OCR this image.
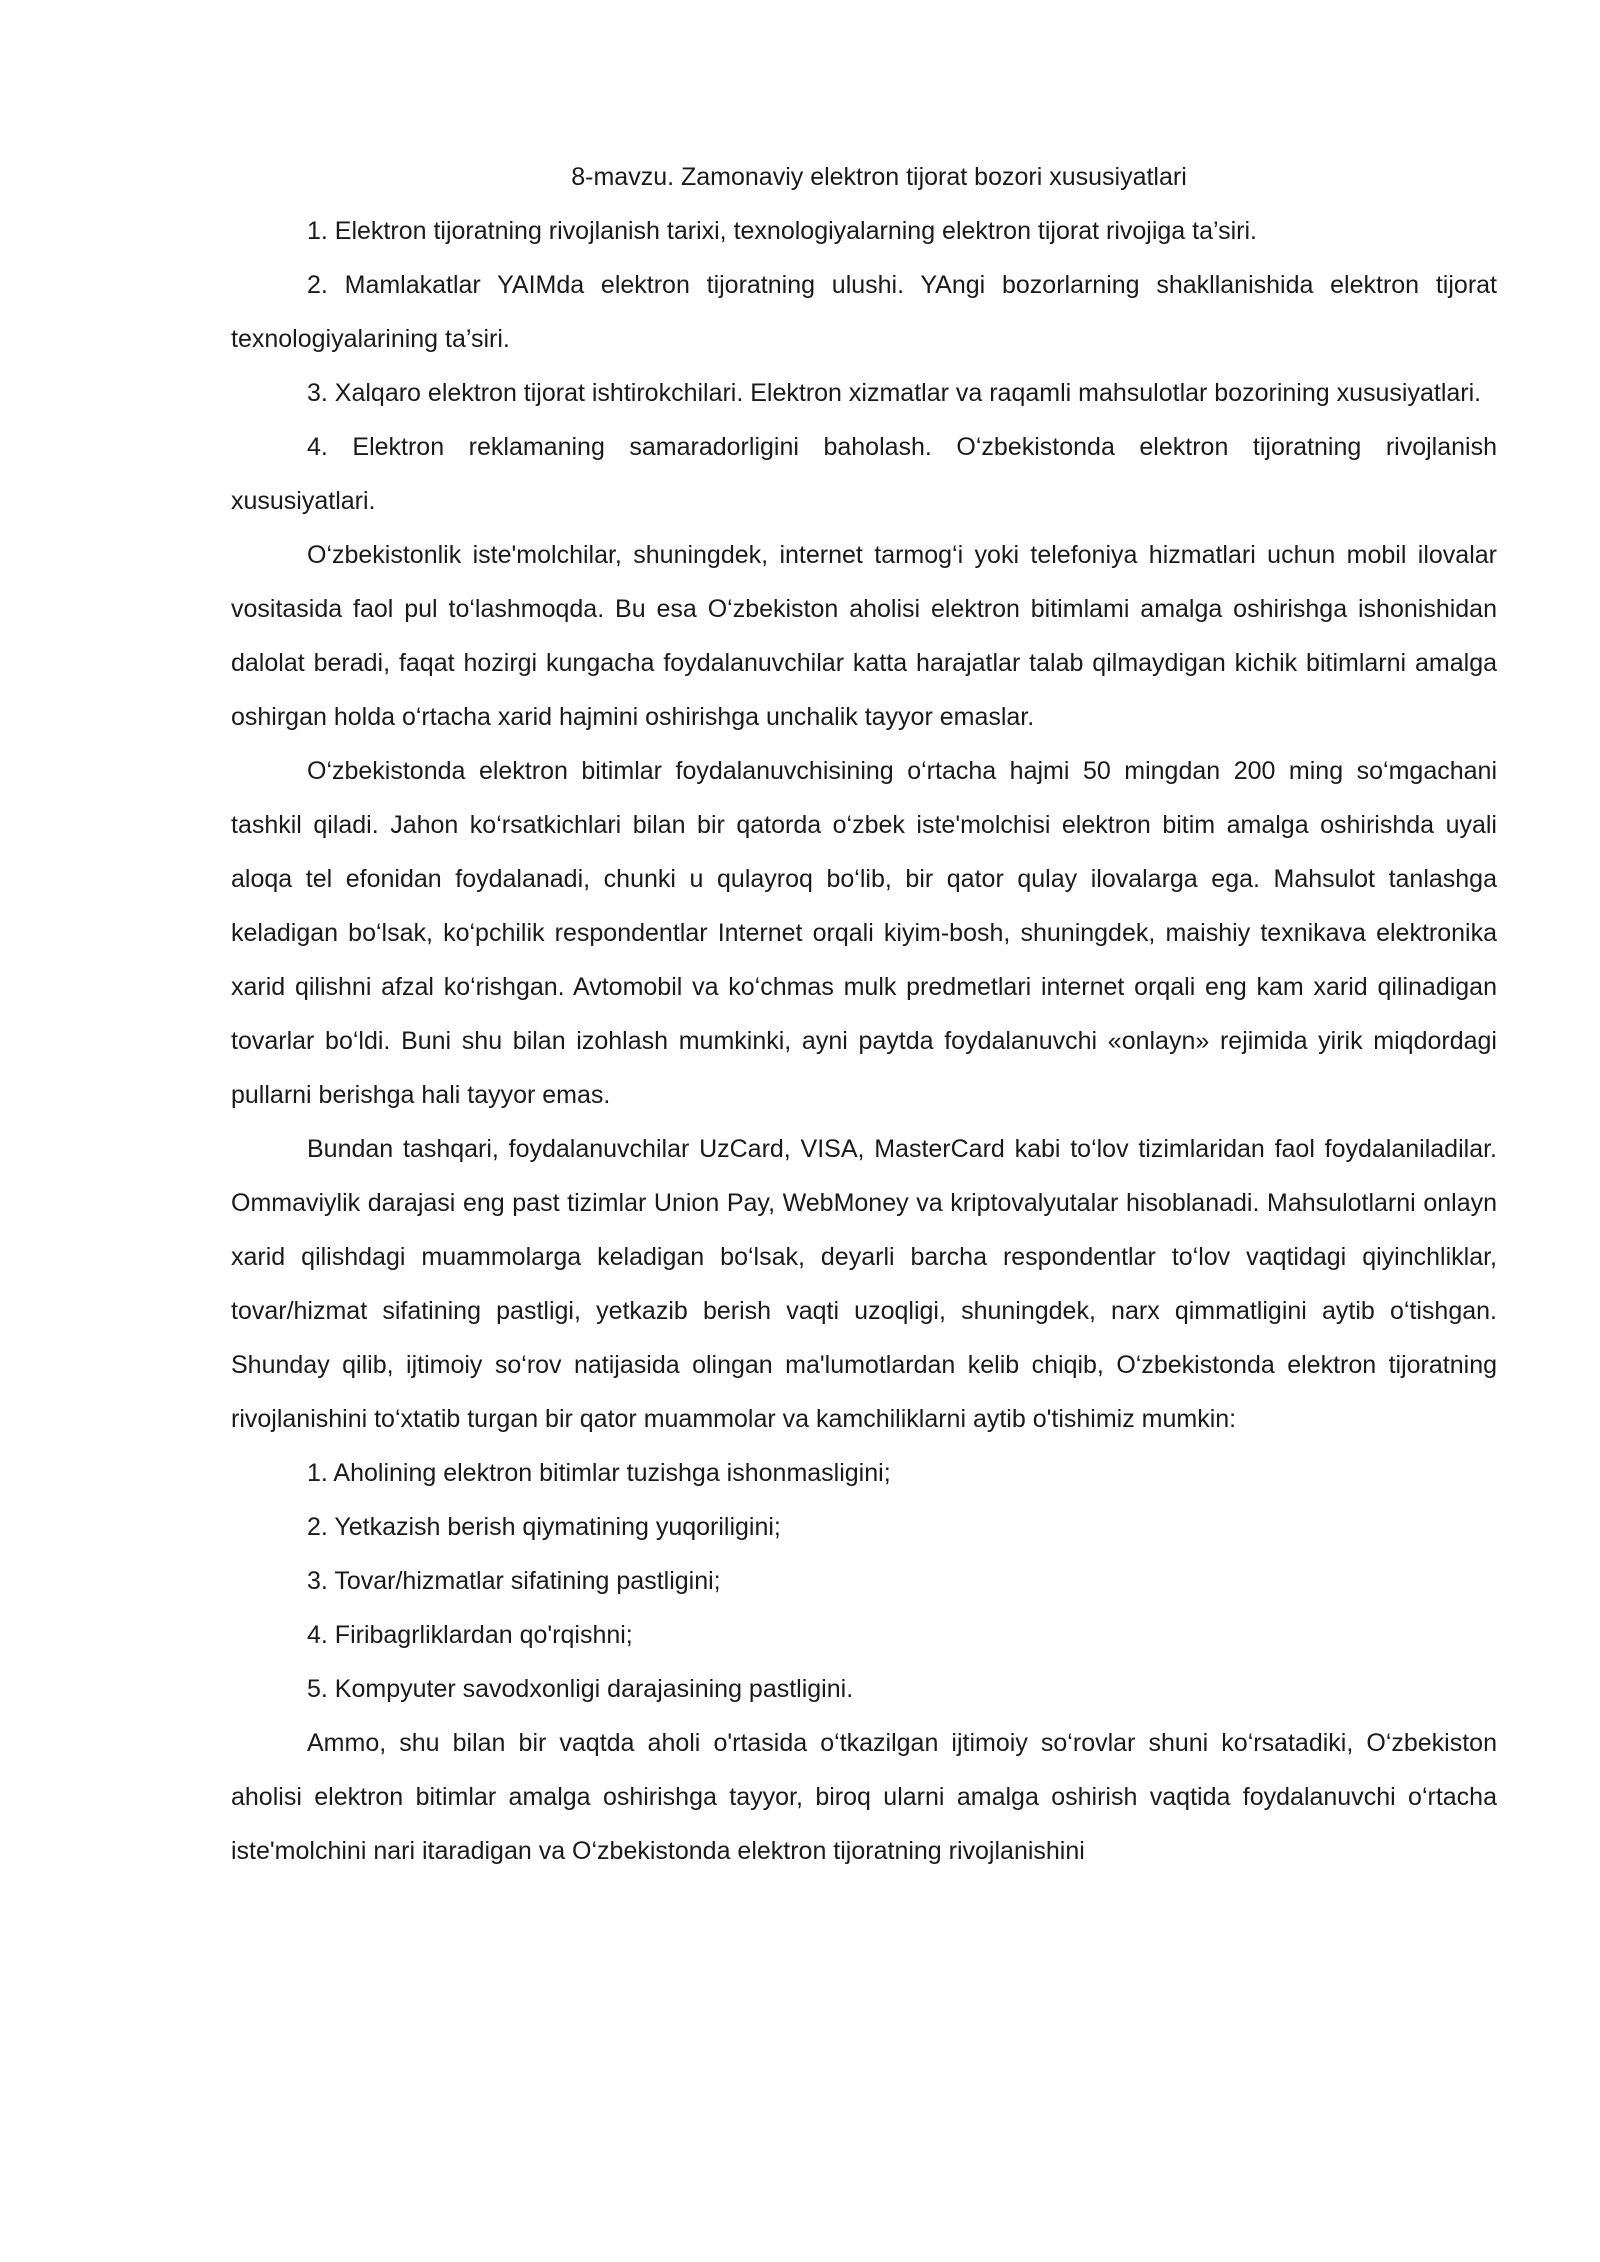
8-mavzu. Zamonaviy elektron tijorat bozori xususiyatlari

1. Elektron tijoratning rivojlanish tarixi, texnologiyalarning elektron tijorat rivojiga ta’siri.

2. Mamlakatlar YAIMda elektron tijoratning ulushi. YAngi bozorlarning shakllanishida elektron tijorat texnologiyalarining ta’siri.

3. Xalqaro elektron tijorat ishtirokchilari. Elektron xizmatlar va raqamli mahsulotlar bozorining xususiyatlari.

4. Elektron reklamaning samaradorligini baholash. O‘zbekistonda elektron tijoratning rivojlanish xususiyatlari.

O‘zbekistonlik iste'molchilar, shuningdek, internet tarmog‘i yoki telefoniya hizmatlari uchun mobil ilovalar vositasida faol pul to‘lashmoqda. Bu esa O‘zbekiston aholisi elektron bitimlami amalga oshirishga ishonishidan dalolat beradi, faqat hozirgi kungacha foydalanuvchilar katta harajatlar talab qilmaydigan kichik bitimlarni amalga oshirgan holda o‘rtacha xarid hajmini oshirishga unchalik tayyor emaslar.

O‘zbekistonda elektron bitimlar foydalanuvchisining o‘rtacha hajmi 50 mingdan 200 ming so‘mgachani tashkil qiladi. Jahon ko‘rsatkichlari bilan bir qatorda o‘zbek iste'molchisi elektron bitim amalga oshirishda uyali aloqa tel efonidan foydalanadi, chunki u qulayroq bo‘lib, bir qator qulay ilovalarga ega. Mahsulot tanlashga keladigan bo‘lsak, ko‘pchilik respondentlar Internet orqali kiyim-bosh, shuningdek, maishiy texnikava elektronika xarid qilishni afzal ko‘rishgan. Avtomobil va ko‘chmas mulk predmetlari internet orqali eng kam xarid qilinadigan tovarlar bo‘ldi. Buni shu bilan izohlash mumkinki, ayni paytda foydalanuvchi «onlayn» rejimida yirik miqdordagi pullarni berishga hali tayyor emas.

Bundan tashqari, foydalanuvchilar UzCard, VISA, MasterCard kabi to‘lov tizimlaridan faol foydalaniladilar. Ommaviylik darajasi eng past tizimlar Union Pay, WebMoney va kriptovalyutalar hisoblanadi. Mahsulotlarni onlayn xarid qilishdagi muammolarga keladigan bo‘lsak, deyarli barcha respondentlar to‘lov vaqtidagi qiyinchliklar, tovar/hizmat sifatining pastligi, yetkazib berish vaqti uzoqligi, shuningdek, narx qimmatligini aytib o‘tishgan. Shunday qilib, ijtimoiy so‘rov natijasida olingan ma'lumotlardan kelib chiqib, O‘zbekistonda elektron tijoratning rivojlanishini to‘xtatib turgan bir qator muammolar va kamchiliklarni aytib o'tishimiz mumkin:

1. Aholining elektron bitimlar tuzishga ishonmasligini;

2. Yetkazish berish qiymatining yuqoriligini;

3. Tovar/hizmatlar sifatining pastligini;

4. Firibagrliklardan qo'rqishni;

5. Kompyuter savodxonligi darajasining pastligini.

Ammo, shu bilan bir vaqtda aholi o'rtasida o‘tkazilgan ijtimoiy so‘rovlar shuni ko‘rsatadiki, O‘zbekiston aholisi elektron bitimlar amalga oshirishga tayyor, biroq ularni amalga oshirish vaqtida foydalanuvchi o‘rtacha iste'molchini nari itaradigan va O‘zbekistonda elektron tijoratning rivojlanishini
